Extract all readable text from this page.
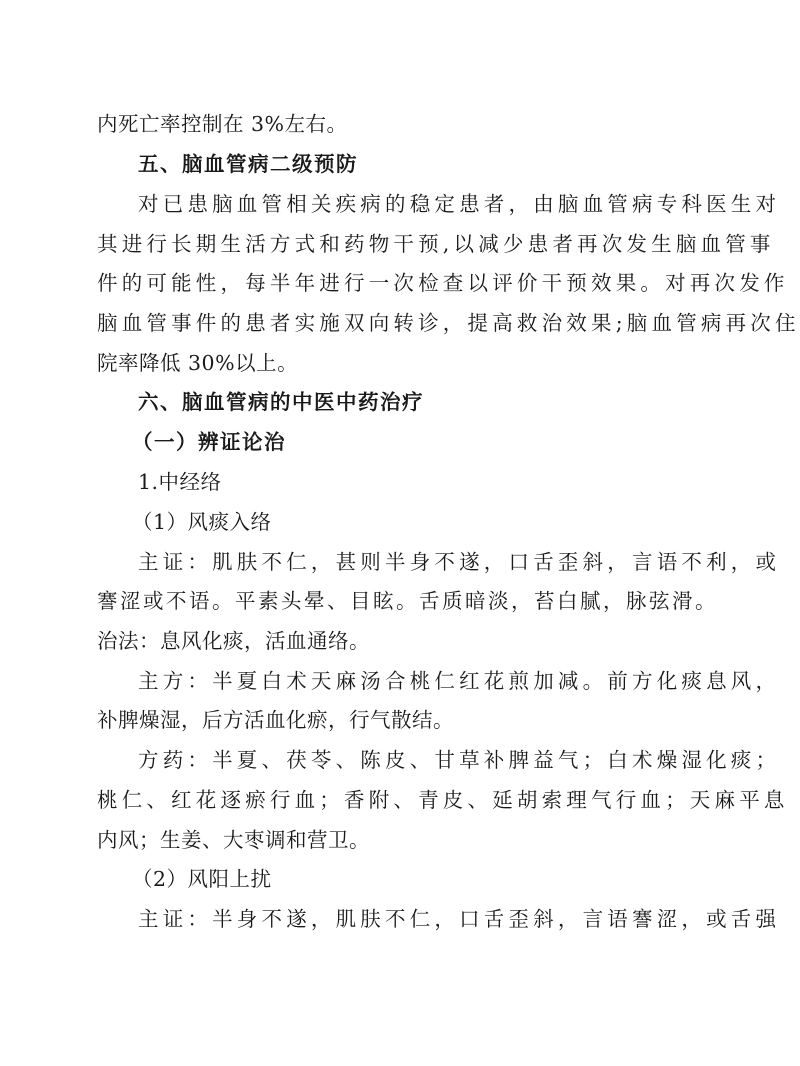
内死亡率控制在 3%左右。
五、脑血管病二级预防
对已患脑血管相关疾病的稳定患者，由脑血管病专科医生对
其进行长期生活方式和药物干预,以减少患者再次发生脑血管事
件的可能性，每半年进行一次检查以评价干预效果。对再次发作
脑血管事件的患者实施双向转诊，提高救治效果;脑血管病再次住
院率降低 30%以上。
六、脑血管病的中医中药治疗
（一）辨证论治
1.中经络
（1）风痰入络
主证：肌肤不仁，甚则半身不遂，口舌歪斜，言语不利，或
謇涩或不语。平素头晕、目眩。舌质暗淡，苔白腻，脉弦滑。
治法：息风化痰，活血通络。
主方：半夏白术天麻汤合桃仁红花煎加减。前方化痰息风，
补脾燥湿，后方活血化瘀，行气散结。
方药：半夏、茯苓、陈皮、甘草补脾益气；白术燥湿化痰；
桃仁、红花逐瘀行血；香附、青皮、延胡索理气行血；天麻平息
内风；生姜、大枣调和营卫。
（2）风阳上扰
主证：半身不遂，肌肤不仁，口舌歪斜，言语謇涩，或舌强
